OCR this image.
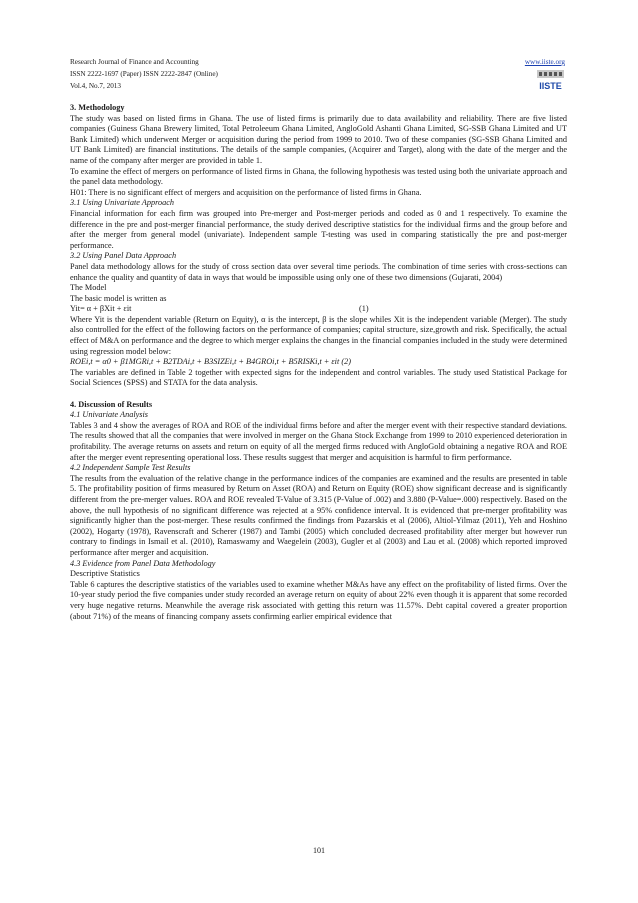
Research Journal of Finance and Accounting	www.iiste.org
ISSN 2222-1697 (Paper) ISSN 2222-2847 (Online)
Vol.4, No.7, 2013	IISTE

3. Methodology

The study was based on listed firms in Ghana. The use of listed firms is primarily due to data availability and reliability. There are five listed companies (Guiness Ghana Brewery limited, Total Petroleeum Ghana Limited, AngloGold Ashanti Ghana Limited, SG-SSB Ghana Limited and UT Bank Limited) which underwent Merger or acquisition during the period from 1999 to 2010. Two of these companies (SG-SSB Ghana Limited and UT Bank Limited) are financial institutions. The details of the sample companies, (Acquirer and Target), along with the date of the merger and the name of the company after merger are provided in table 1.

To examine the effect of mergers on performance of listed firms in Ghana, the following hypothesis was tested using both the univariate approach and the panel data methodology.

H01: There is no significant effect of mergers and acquisition on the performance of listed firms in Ghana.

3.1 Using Univariate Approach

Financial information for each firm was grouped into Pre-merger and Post-merger periods and coded as 0 and 1 respectively. To examine the difference in the pre and post-merger financial performance, the study derived descriptive statistics for the individual firms and the group before and after the merger from general model (univariate). Independent sample T-testing was used in comparing statistically the pre and post-merger performance.

3.2 Using Panel Data Approach

Panel data methodology allows for the study of cross section data over several time periods. The combination of time series with cross-sections can enhance the quality and quantity of data in ways that would be impossible using only one of these two dimensions (Gujarati, 2004)

The Model

The basic model is written as

Yit= α + βXit + εit	(1)

Where Yit is the dependent variable (Return on Equity), α is the intercept, β is the slope whiles Xit is the independent variable (Merger). The study also controlled for the effect of the following factors on the performance of companies; capital structure, size,growth and risk. Specifically, the actual effect of M&A on performance and the degree to which merger explains the changes in the financial companies included in the study were determined using regression model below:

ROEi,t = α0 + β1MGRi,t + B2TDAi,t + B3SIZEi,t + B4GROi,t + B5RISKi,t + εit (2)

The variables are defined in Table 2 together with expected signs for the independent and control variables. The study used Statistical Package for Social Sciences (SPSS) and STATA for the data analysis.

4. Discussion of Results

4.1 Univariate Analysis

Tables 3 and 4 show the averages of ROA and ROE of the individual firms before and after the merger event with their respective standard deviations. The results showed that all the companies that were involved in merger on the Ghana Stock Exchange from 1999 to 2010 experienced deterioration in profitability. The average returns on assets and return on equity of all the merged firms reduced with AngloGold obtaining a negative ROA and ROE after the merger event representing operational loss. These results suggest that merger and acquisition is harmful to firm performance.

4.2 Independent Sample Test Results

The results from the evaluation of the relative change in the performance indices of the companies are examined and the results are presented in table 5. The profitability position of firms measured by Return on Asset (ROA) and Return on Equity (ROE) show significant decrease and is significantly different from the pre-merger values. ROA and ROE revealed T-Value of 3.315 (P-Value of .002) and 3.880 (P-Value=.000) respectively. Based on the above, the null hypothesis of no significant difference was rejected at a 95% confidence interval. It is evidenced that pre-merger profitability was significantly higher than the post-merger. These results confirmed the findings from Pazarskis et al (2006), Altiol-Yilmaz (2011), Yeh and Hoshino (2002), Hogarty (1978), Ravenscraft and Scherer (1987) and Tambi (2005) which concluded decreased profitability after merger but however run contrary to findings in Ismail et al. (2010), Ramaswamy and Waegelein (2003), Gugler et al (2003) and Lau et al. (2008) which reported improved performance after merger and acquisition.

4.3 Evidence from Panel Data Methodology

Descriptive Statistics

Table 6 captures the descriptive statistics of the variables used to examine whether M&As have any effect on the profitability of listed firms. Over the 10-year study period the five companies under study recorded an average return on equity of about 22% even though it is apparent that some recorded very huge negative returns. Meanwhile the average risk associated with getting this return was 11.57%. Debt capital covered a greater proportion (about 71%) of the means of financing company assets confirming earlier empirical evidence that

101
